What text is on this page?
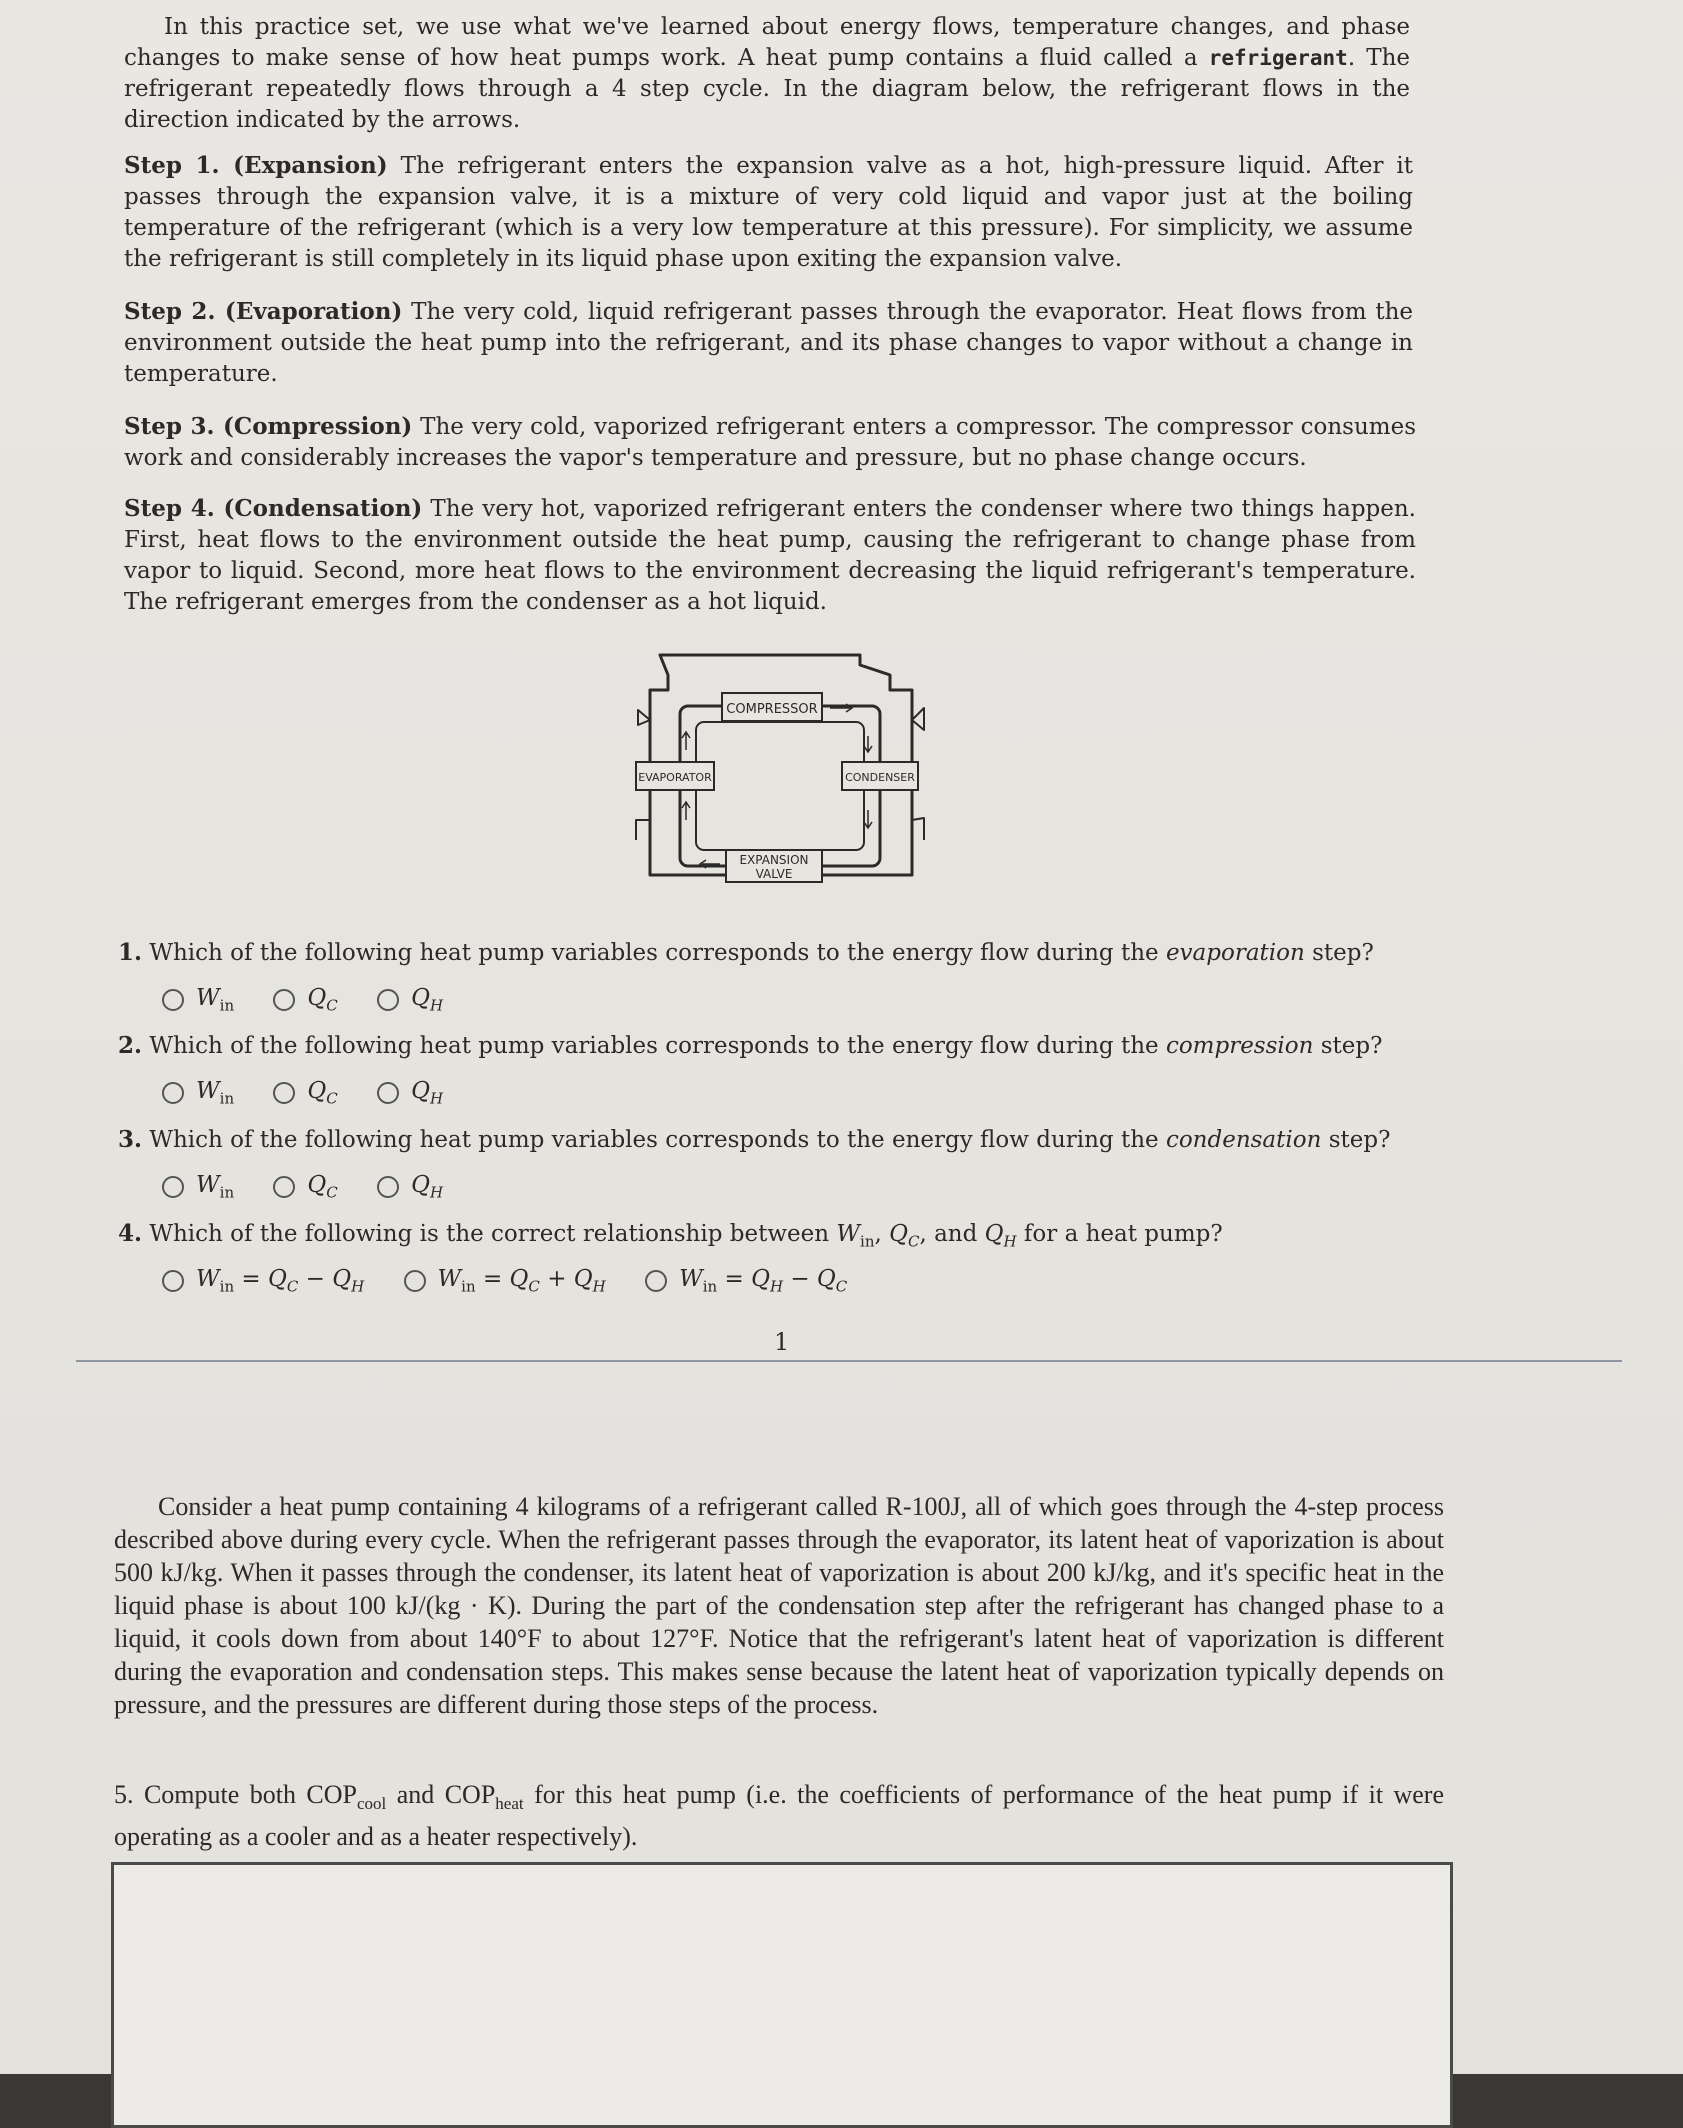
In this practice set, we use what we've learned about energy flows, temperature changes, and phase changes to make sense of how heat pumps work. A heat pump contains a fluid called a refrigerant. The refrigerant repeatedly flows through a 4 step cycle. In the diagram below, the refrigerant flows in the direction indicated by the arrows.

Step 1. (Expansion) The refrigerant enters the expansion valve as a hot, high-pressure liquid. After it passes through the expansion valve, it is a mixture of very cold liquid and vapor just at the boiling temperature of the refrigerant (which is a very low temperature at this pressure). For simplicity, we assume the refrigerant is still completely in its liquid phase upon exiting the expansion valve.

Step 2. (Evaporation) The very cold, liquid refrigerant passes through the evaporator. Heat flows from the environment outside the heat pump into the refrigerant, and its phase changes to vapor without a change in temperature.

Step 3. (Compression) The very cold, vaporized refrigerant enters a compressor. The compressor consumes work and considerably increases the vapor's temperature and pressure, but no phase change occurs.

Step 4. (Condensation) The very hot, vaporized refrigerant enters the condenser where two things happen. First, heat flows to the environment outside the heat pump, causing the refrigerant to change phase from vapor to liquid. Second, more heat flows to the environment decreasing the liquid refrigerant's temperature. The refrigerant emerges from the condenser as a hot liquid.

COMPRESSOR
EVAPORATOR	CONDENSER
EXPANSION
VALVE
1. Which of the following heat pump variables corresponds to the energy flow during the evaporation step?
$W_{in}$
	$Q_C$
	$Q_H$
2. Which of the following heat pump variables corresponds to the energy flow during the compression step?
$W_{in}$
	$Q_C$
	$Q_H$
3. Which of the following heat pump variables corresponds to the energy flow during the condensation step?
$W_{in}$
	$Q_C$
	$Q_H$
4. Which of the following is the correct relationship between $W_{in}$, $Q_C$, and $Q_H$ for a heat pump?
$W_{in} = Q_C - Q_H$
	$W_{in} = Q_C + Q_H$
	$W_{in} = Q_H - Q_C$
1

Consider a heat pump containing 4 kilograms of a refrigerant called R-100J, all of which goes through the 4-step process described above during every cycle. When the refrigerant passes through the evaporator, its latent heat of vaporization is about 500 kJ/kg. When it passes through the condenser, its latent heat of vaporization is about 200 kJ/kg, and it's specific heat in the liquid phase is about 100 kJ/(kg · K). During the part of the condensation step after the refrigerant has changed phase to a liquid, it cools down from about 140°F to about 127°F. Notice that the refrigerant's latent heat of vaporization is different during the evaporation and condensation steps. This makes sense because the latent heat of vaporization typically depends on pressure, and the pressures are different during those steps of the process.

5. Compute both $COP_{cool}$ and $COP_{heat}$ for this heat pump (i.e. the coefficients of performance of the heat pump if it were operating as a cooler and as a heater respectively).
